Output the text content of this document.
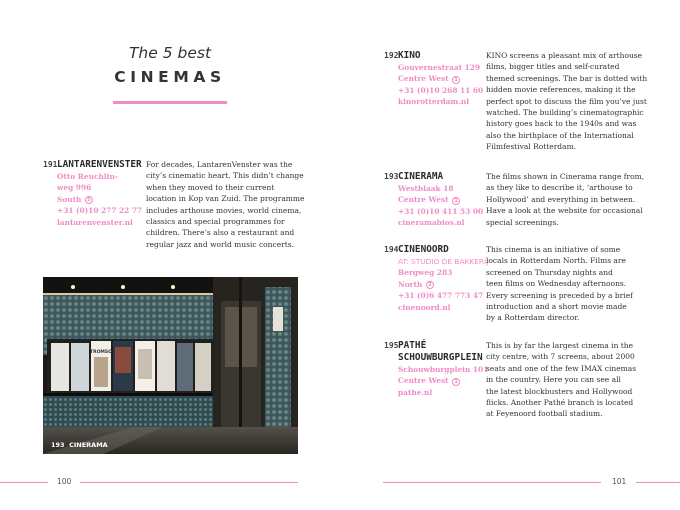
The 5 best
CINEMAS
191LANTARENVENSTER
Otto Reuchlin-
weg 996
South 5
+31 (0)10 277 22 77
lantarenvenster.nl
For decades, LantarenVenster was the
city’s cinematic heart. This didn’t change
when they moved to their current
location in Kop van Zuid. The programme
includes arthouse movies, world cinema,
classics and special programmes for
children. There’s also a restaurant and
regular jazz and world music concerts.
TROMSO
193 CINERAMA
100
192KINO
Gouvernestraat 129
Centre West 1
+31 (0)10 268 11 60
kinorotterdam.nl
KINO screens a pleasant mix of arthouse
films, bigger titles and self-curated
themed screenings. The bar is dotted with
hidden movie references, making it the
perfect spot to discuss the film you’ve just
watched. The building’s cinematographic
history goes back to the 1940s and was
also the birthplace of the International
Filmfestival Rotterdam.
193CINERAMA
Westblaak 18
Centre West 1
+31 (0)10 411 53 00
cineramabios.nl
The films shown in Cinerama range from,
as they like to describe it, ‘arthouse to
Hollywood’ and everything in between.
Have a look at the website for occasional
special screenings.
194CINENOORD
AT: STUDIO DE BAKKERIJ
Bergweg 283
North 2
+31 (0)6 477 773 47
cinenoord.nl
This cinema is an initiative of some
locals in Rotterdam North. Films are
screened on Thursday nights and
teen films on Wednesday afternoons.
Every screening is preceded by a brief
introduction and a short movie made
by a Rotterdam director.
195PATHÉ
SCHOUWBURGPLEIN
Schouwburgplein 101
Centre West 1
pathe.nl
This is by far the largest cinema in the
city centre, with 7 screens, about 2000
seats and one of the few IMAX cinemas
in the country. Here you can see all
the latest blockbusters and Hollywood
flicks. Another Pathé branch is located
at Feyenoord football stadium.
101
